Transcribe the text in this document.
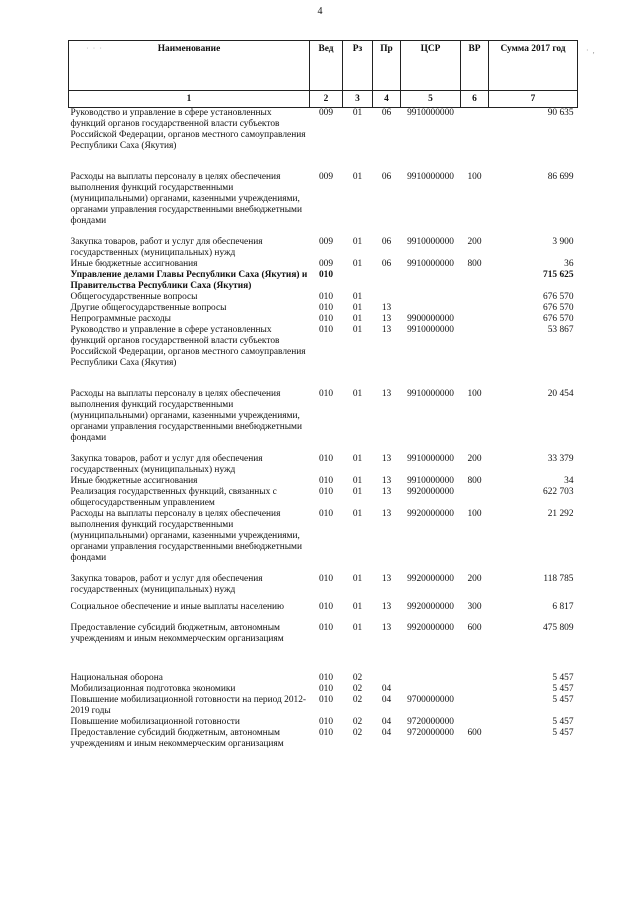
4
˙ ˙ ˙	· ,
Наименование	Вед	Рз	Пр	ЦСР	ВР	Сумма 2017 год
1	2	3	4	5	6	7
Руководство и управление в сфере установленных функций органов государственной власти субъектов Российской Федерации, органов местного самоуправления Республики Саха (Якутия)	009	01	06	9910000000		90 635
Расходы на выплаты персоналу в целях обеспечения выполнения функций государственными (муниципальными) органами, казенными учреждениями, органами управления государственными внебюджетными фондами	009	01	06	9910000000	100	86 699
Закупка товаров, работ и услуг для обеспечения государственных (муниципальных) нужд	009	01	06	9910000000	200	3 900
Иные бюджетные ассигнования	009	01	06	9910000000	800	36
Управление делами Главы Республики Саха (Якутия) и Правительства Республики Саха (Якутия)	010					715 625
Общегосударственные вопросы	010	01				676 570
Другие общегосударственные вопросы	010	01	13			676 570
Непрограммные расходы	010	01	13	9900000000		676 570
Руководство и управление в сфере установленных функций органов государственной власти субъектов Российской Федерации, органов местного самоуправления Республики Саха (Якутия)	010	01	13	9910000000		53 867
Расходы на выплаты персоналу в целях обеспечения выполнения функций государственными (муниципальными) органами, казенными учреждениями, органами управления государственными внебюджетными фондами	010	01	13	9910000000	100	20 454
Закупка товаров, работ и услуг для обеспечения государственных (муниципальных) нужд	010	01	13	9910000000	200	33 379
Иные бюджетные ассигнования	010	01	13	9910000000	800	34
Реализация государственных функций, связанных с общегосударственным управлением	010	01	13	9920000000		622 703
Расходы на выплаты персоналу в целях обеспечения выполнения функций государственными (муниципальными) органами, казенными учреждениями, органами управления государственными внебюджетными фондами	010	01	13	9920000000	100	21 292
Закупка товаров, работ и услуг для обеспечения государственных (муниципальных) нужд	010	01	13	9920000000	200	118 785
Социальное обеспечение и иные выплаты населению	010	01	13	9920000000	300	6 817
Предоставление субсидий бюджетным, автономным учреждениям и иным некоммерческим организациям	010	01	13	9920000000	600	475 809
Национальная оборона	010	02				5 457
Мобилизационная подготовка экономики	010	02	04			5 457
Повышение мобилизационной готовности на период 2012-2019 годы	010	02	04	9700000000		5 457
Повышение мобилизационной готовности	010	02	04	9720000000		5 457
Предоставление субсидий бюджетным, автономным учреждениям и иным некоммерческим организациям	010	02	04	9720000000	600	5 457
